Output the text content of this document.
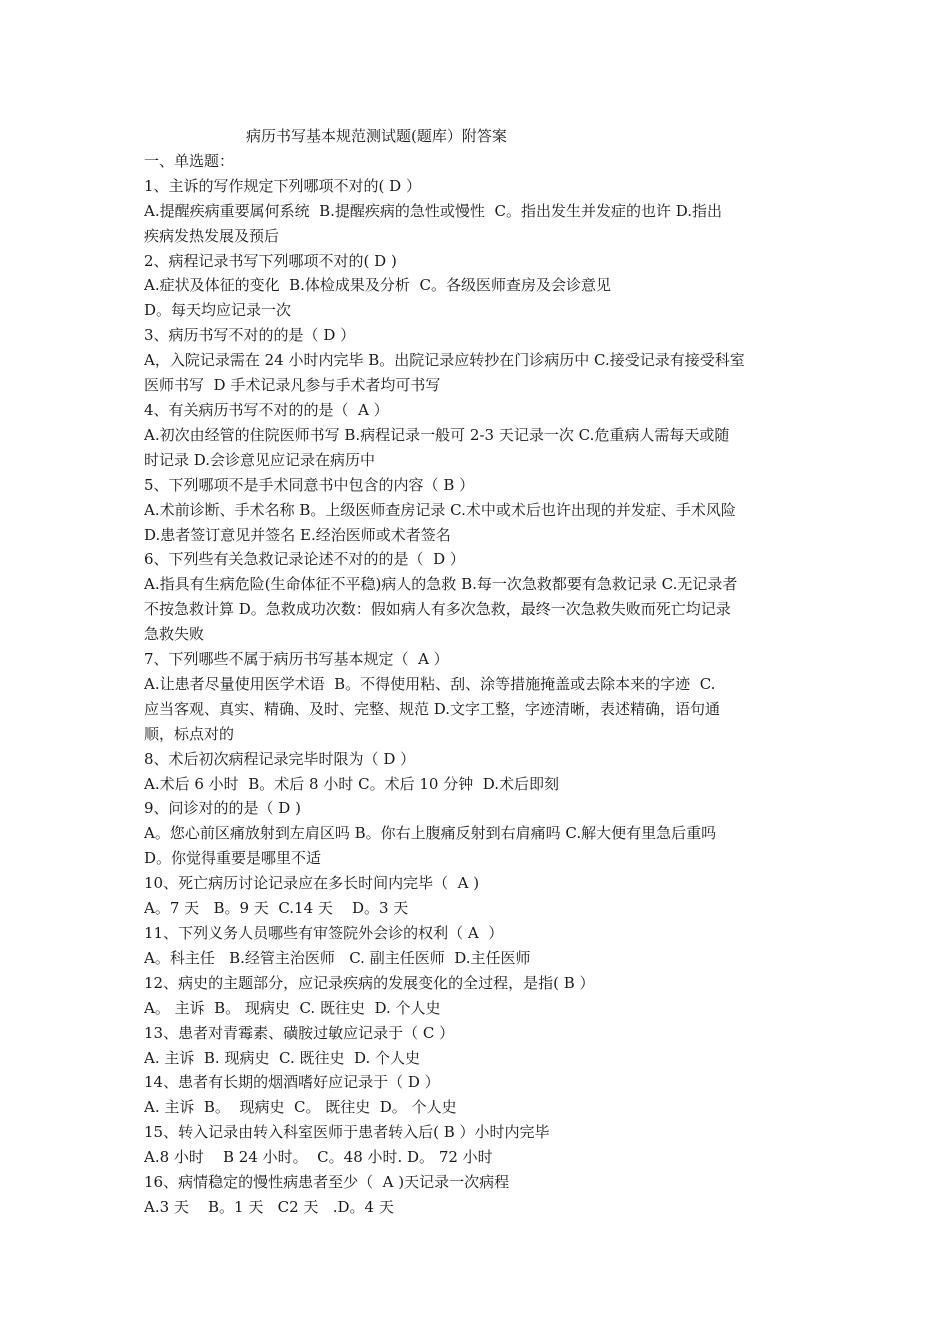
病历书写基本规范测试题(题库）附答案
一、单选题：
1、主诉的写作规定下列哪项不对的( D ）
A.提醒疾病重要属何系统  B.提醒疾病的急性或慢性  C。指出发生并发症的也许 D.指出
疾病发热发展及预后
2、病程记录书写下列哪项不对的( D )
A.症状及体征的变化  B.体检成果及分析  C。各级医师查房及会诊意见
D。每天均应记录一次
3、病历书写不对的的是（ D ）
A，入院记录需在 24 小时内完毕 B。出院记录应转抄在门诊病历中 C.接受记录有接受科室
医师书写  D 手术记录凡参与手术者均可书写
4、有关病历书写不对的的是（  A ）
A.初次由经管的住院医师书写 B.病程记录一般可 2-3 天记录一次 C.危重病人需每天或随
时记录 D.会诊意见应记录在病历中
5、下列哪项不是手术同意书中包含的内容（ B ）
A.术前诊断、手术名称 B。上级医师查房记录 C.术中或术后也许出现的并发症、手术风险
D.患者签订意见并签名 E.经治医师或术者签名
6、下列些有关急救记录论述不对的的是（  D ）
A.指具有生病危险(生命体征不平稳)病人的急救 B.每一次急救都要有急救记录 C.无记录者
不按急救计算 D。急救成功次数：假如病人有多次急救，最终一次急救失败而死亡均记录
急救失败
7、下列哪些不属于病历书写基本规定（  A ）
A.让患者尽量使用医学术语  B。不得使用粘、刮、涂等措施掩盖或去除本来的字迹  C.
应当客观、真实、精确、及时、完整、规范 D.文字工整，字迹清晰，表述精确，语句通
顺，标点对的
8、术后初次病程记录完毕时限为（ D ）
A.术后 6 小时  B。术后 8 小时 C。术后 10 分钟  D.术后即刻
9、问诊对的的是（ D )
A。您心前区痛放射到左肩区吗 B。你右上腹痛反射到右肩痛吗 C.解大便有里急后重吗
D。你觉得重要是哪里不适
10、死亡病历讨论记录应在多长时间内完毕（  A )
A。7 天   B。9 天  C.14 天    D。3 天
11、下列义务人员哪些有审签院外会诊的权利（ A  ）
A。科主任   B.经管主治医师   C. 副主任医师  D.主任医师
12、病史的主题部分，应记录疾病的发展变化的全过程，是指( B ）
A。 主诉  B。 现病史  C. 既往史  D. 个人史
13、患者对青霉素、磺胺过敏应记录于（ C ）
A. 主诉  B. 现病史  C. 既往史  D. 个人史
14、患者有长期的烟酒嗜好应记录于（ D ）
A. 主诉  B。  现病史  C。 既往史  D。 个人史
15、转入记录由转入科室医师于患者转入后( B ）小时内完毕
A.8 小时    B 24 小时。  C。48 小时. D。 72 小时
16、病情稳定的慢性病患者至少（  A )天记录一次病程
A.3 天    B。1 天   C2 天   .D。4 天
